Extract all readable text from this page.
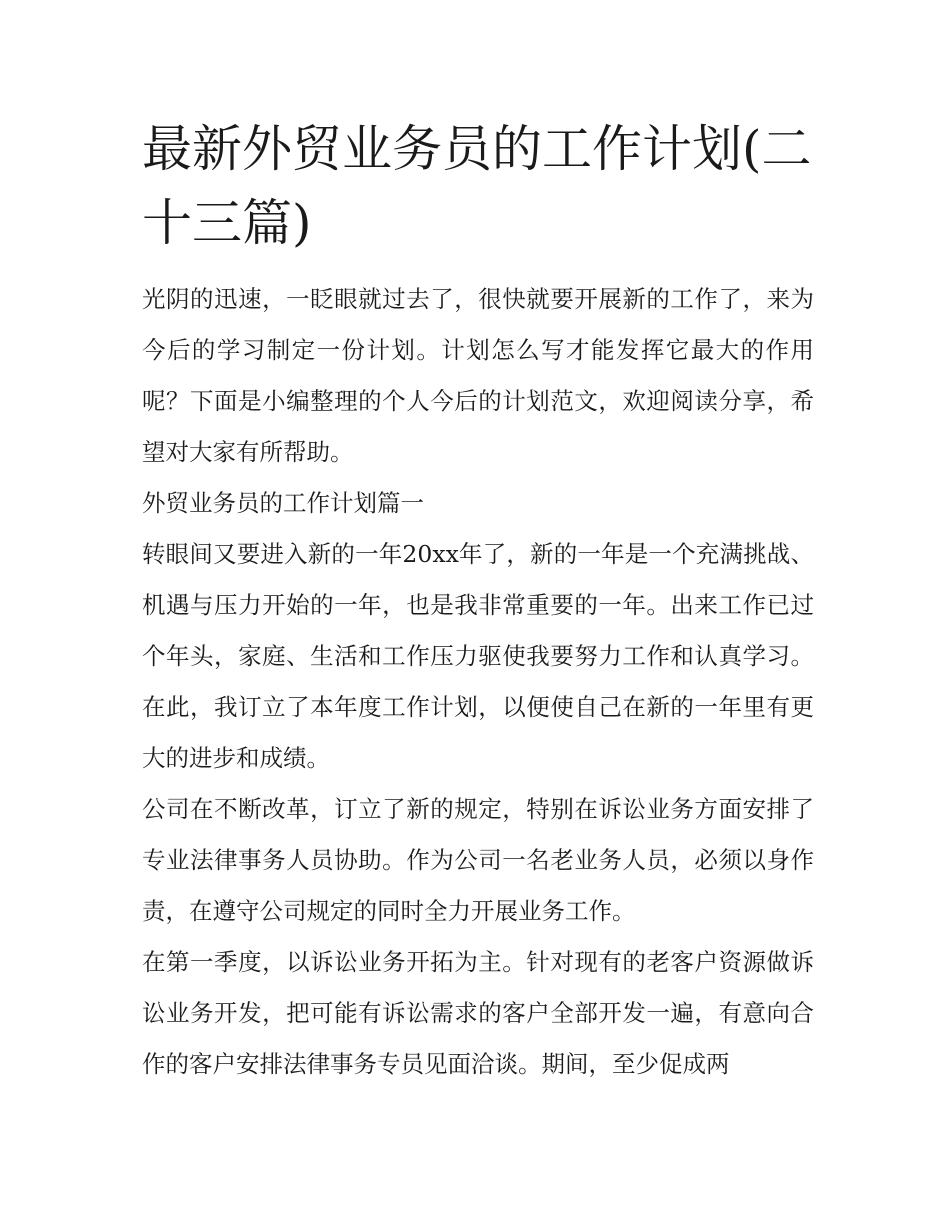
最新外贸业务员的工作计划(二十三篇)

光阴的迅速，一眨眼就过去了，很快就要开展新的工作了，来为今后的学习制定一份计划。计划怎么写才能发挥它最大的作用呢？下面是小编整理的个人今后的计划范文，欢迎阅读分享，希望对大家有所帮助。

外贸业务员的工作计划篇一

转眼间又要进入新的一年20xx年了，新的一年是一个充满挑战、机遇与压力开始的一年，也是我非常重要的一年。出来工作已过个年头，家庭、生活和工作压力驱使我要努力工作和认真学习。在此，我订立了本年度工作计划，以便使自己在新的一年里有更大的进步和成绩。

公司在不断改革，订立了新的规定，特别在诉讼业务方面安排了专业法律事务人员协助。作为公司一名老业务人员，必须以身作责，在遵守公司规定的同时全力开展业务工作。

在第一季度，以诉讼业务开拓为主。针对现有的老客户资源做诉讼业务开发，把可能有诉讼需求的客户全部开发一遍，有意向合作的客户安排法律事务专员见面洽谈。期间，至少促成两
